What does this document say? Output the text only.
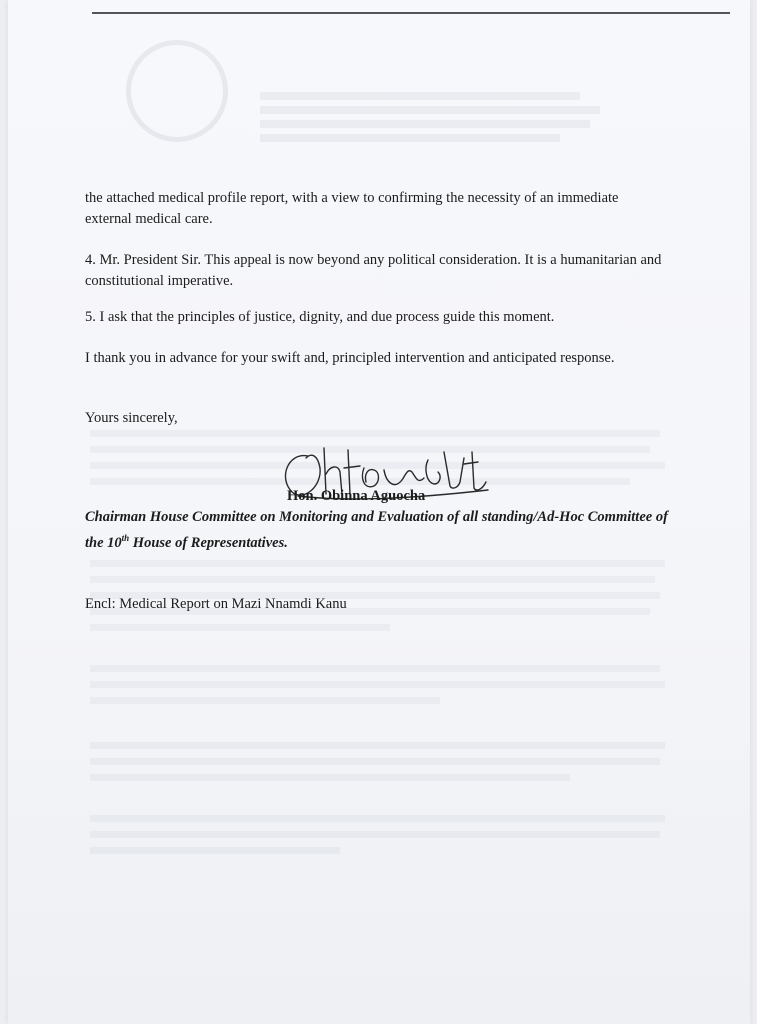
the attached medical profile report, with a view to confirming the necessity of an immediate external medical care.

4. Mr. President Sir. This appeal is now beyond any political consideration. It is a humanitarian and constitutional imperative.

5. I ask that the principles of justice, dignity, and due process guide this moment.

I thank you in advance for your swift and, principled intervention and anticipated response.

Yours sincerely,

Hon. Obinna Aguocha
Chairman House Committee on Monitoring and Evaluation of all standing/Ad-Hoc Committee of the 10th House of Representatives.

Encl: Medical Report on Mazi Nnamdi Kanu
